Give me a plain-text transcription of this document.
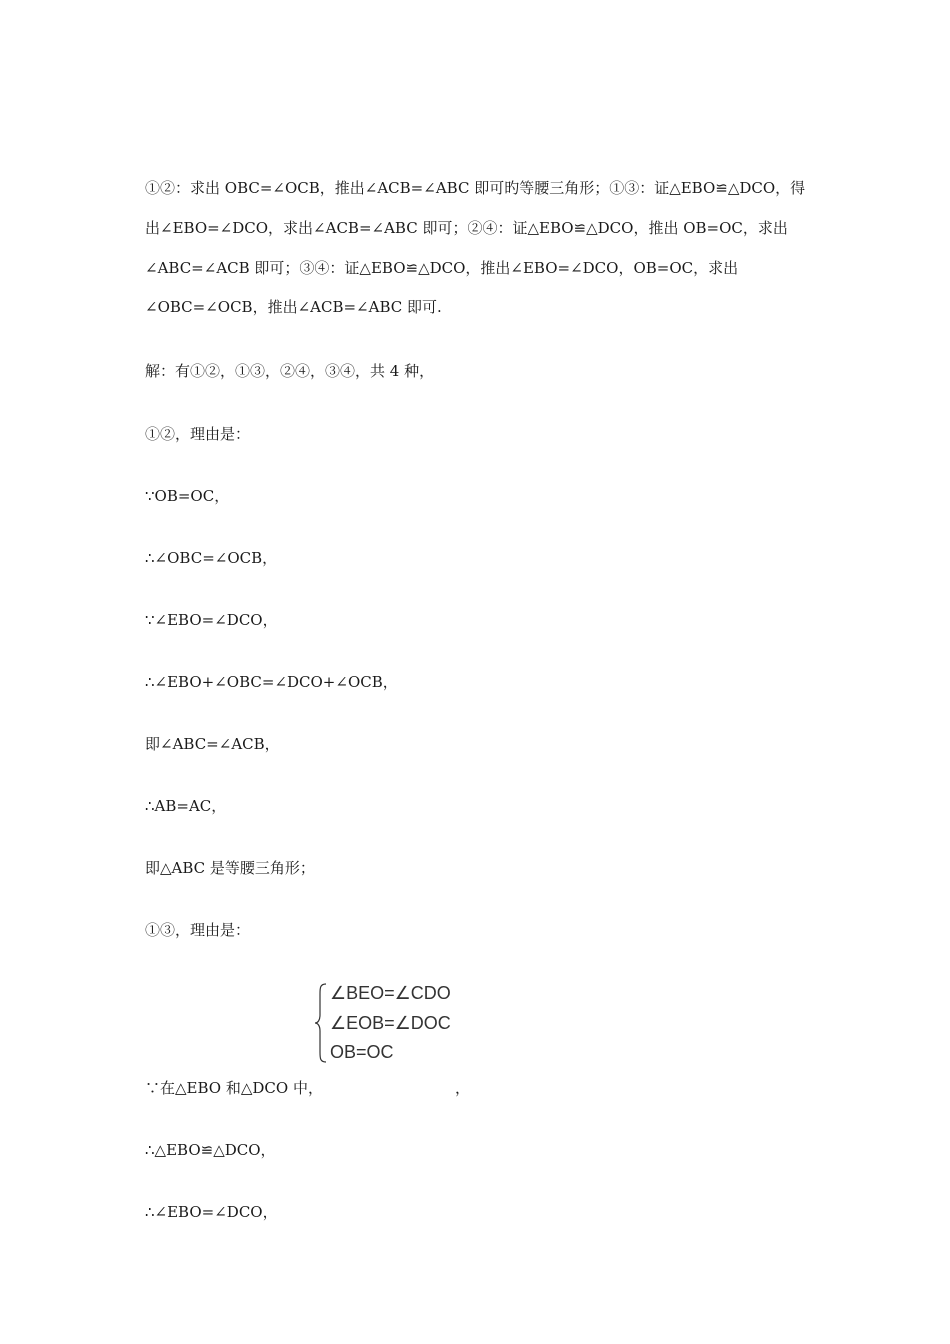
①②：求出 OBC=∠OCB，推出∠ACB=∠ABC 即可旳等腰三角形；①③：证△EBO≌△DCO，得
出∠EBO=∠DCO，求出∠ACB=∠ABC 即可；②④：证△EBO≌△DCO，推出 OB=OC，求出
∠ABC=∠ACB 即可；③④：证△EBO≌△DCO，推出∠EBO=∠DCO，OB=OC，求出
∠OBC=∠OCB，推出∠ACB=∠ABC 即可.
解：有①②，①③，②④，③④，共 4 种，
①②，理由是：
∵OB=OC，
∴∠OBC=∠OCB，
∵∠EBO=∠DCO，
∴∠EBO+∠OBC=∠DCO+∠OCB，
即∠ABC=∠ACB，
∴AB=AC，
即△ABC 是等腰三角形；
①③，理由是：
∠BEO=∠CDO
∠EOB=∠DOC
OB=OC
∵在△EBO 和△DCO 中，	，
∴△EBO≌△DCO，
∴∠EBO=∠DCO，
